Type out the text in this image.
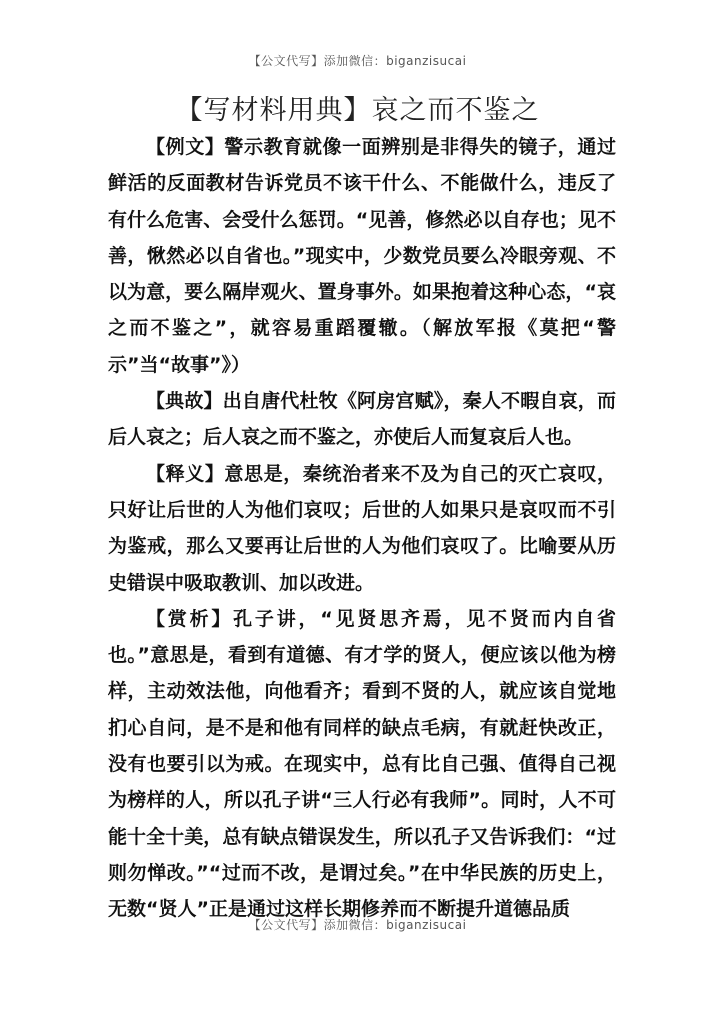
【公文代写】添加微信：biganzisucai
【写材料用典】哀之而不鉴之

【例文】警示教育就像一面辨别是非得失的镜子，通过鲜活的反面教材告诉党员不该干什么、不能做什么，违反了有什么危害、会受什么惩罚。“见善，修然必以自存也；见不善，愀然必以自省也。”现实中，少数党员要么冷眼旁观、不以为意，要么隔岸观火、置身事外。如果抱着这种心态，“哀之而不鉴之”，就容易重蹈覆辙。（解放军报《莫把“警示”当“故事”》）

【典故】出自唐代杜牧《阿房宫赋》，秦人不暇自哀，而后人哀之；后人哀之而不鉴之，亦使后人而复哀后人也。

【释义】意思是，秦统治者来不及为自己的灭亡哀叹，只好让后世的人为他们哀叹；后世的人如果只是哀叹而不引为鉴戒，那么又要再让后世的人为他们哀叹了。比喻要从历史错误中吸取教训、加以改进。

【赏析】孔子讲，“见贤思齐焉，见不贤而内自省也。”意思是，看到有道德、有才学的贤人，便应该以他为榜样，主动效法他，向他看齐；看到不贤的人，就应该自觉地扪心自问，是不是和他有同样的缺点毛病，有就赶快改正，没有也要引以为戒。在现实中，总有比自己强、值得自己视为榜样的人，所以孔子讲“三人行必有我师”。同时，人不可能十全十美，总有缺点错误发生，所以孔子又告诉我们：“过则勿惮改。”“过而不改，是谓过矣。”在中华民族的历史上，无数“贤人”正是通过这样长期修养而不断提升道德品质

【公文代写】添加微信：biganzisucai
